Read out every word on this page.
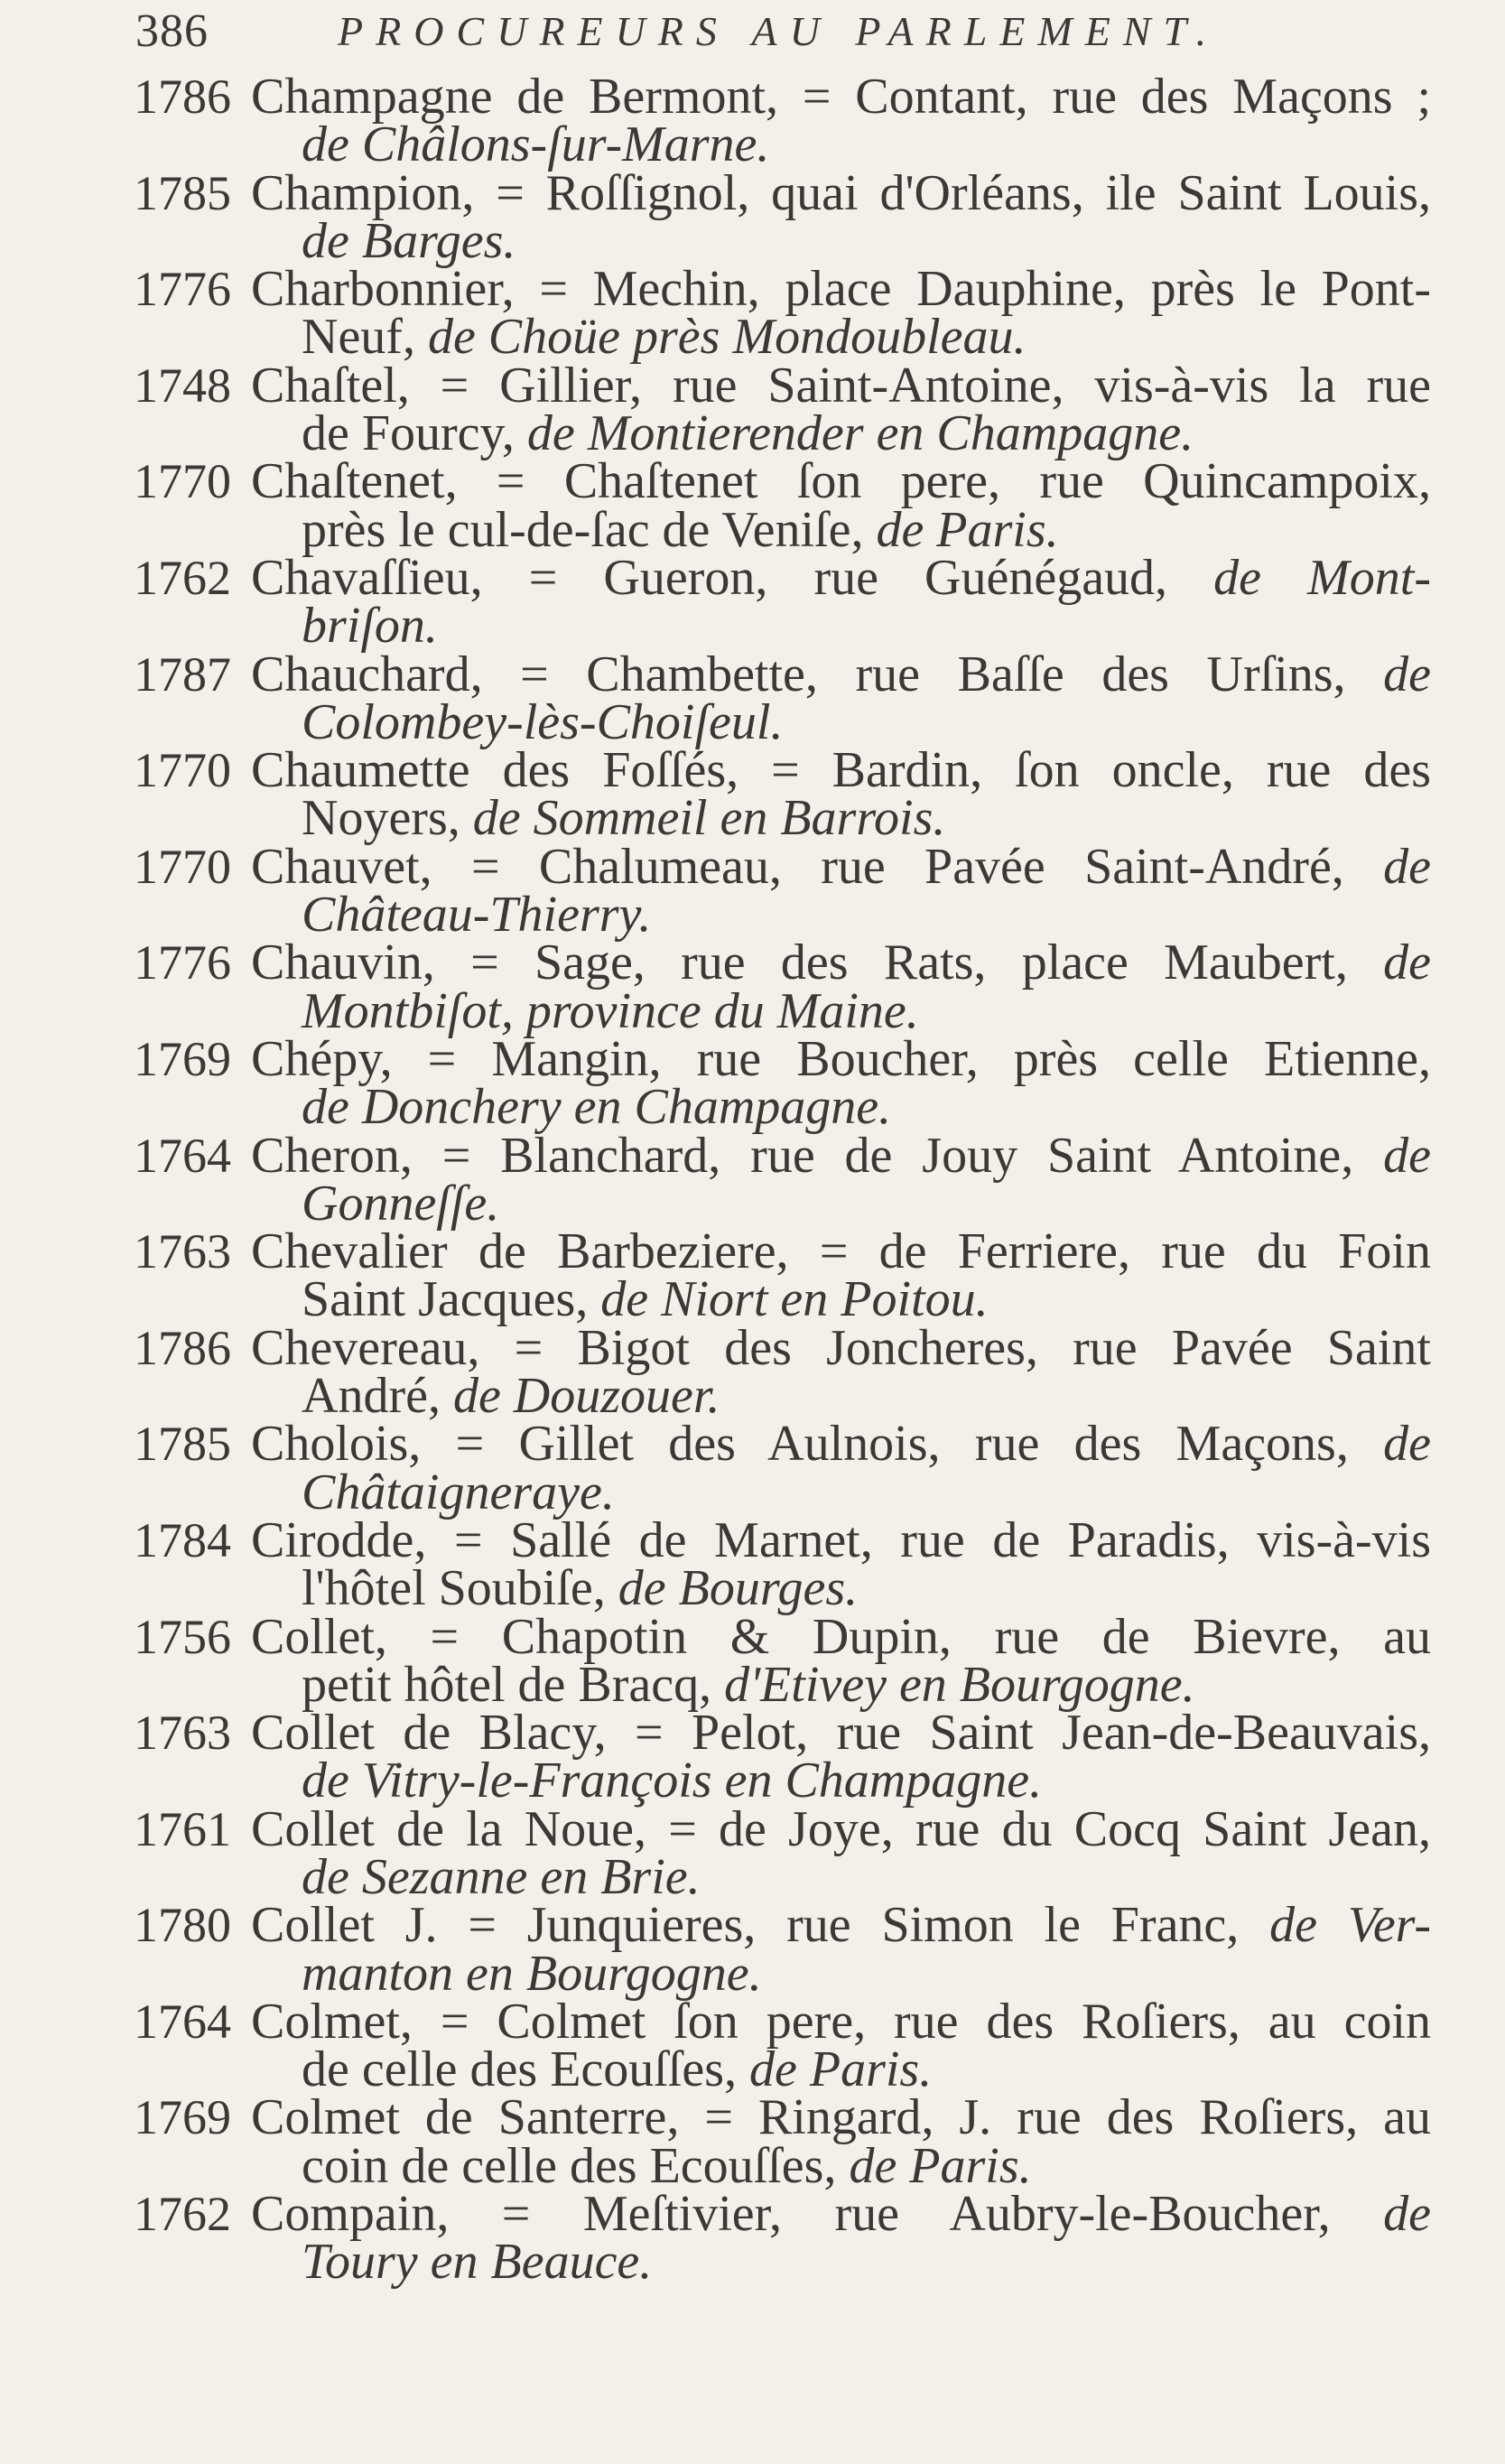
386	PROCUREURS AU PARLEMENT.
1786 Champagne de Bermont, = Contant, rue des Maçons ;
de Châlons-ſur-Marne.
1785 Champion, = Roſſignol, quai d'Orléans, ile Saint Louis,
de Barges.
1776 Charbonnier, = Mechin, place Dauphine, près le Pont-
Neuf, de Choüe près Mondoubleau.
1748 Chaſtel, = Gillier, rue Saint-Antoine, vis-à-vis la rue
de Fourcy, de Montierender en Champagne.
1770 Chaſtenet, = Chaſtenet ſon pere, rue Quincampoix,
près le cul-de-ſac de Veniſe, de Paris.
1762 Chavaſſieu, = Gueron, rue Guénégaud, de Mont-
briſon.
1787 Chauchard, = Chambette, rue Baſſe des Urſins, de
Colombey-lès-Choiſeul.
1770 Chaumette des Foſſés, = Bardin, ſon oncle, rue des
Noyers, de Sommeil en Barrois.
1770 Chauvet, = Chalumeau, rue Pavée Saint-André, de
Château-Thierry.
1776 Chauvin, = Sage, rue des Rats, place Maubert, de
Montbiſot, province du Maine.
1769 Chépy, = Mangin, rue Boucher, près celle Etienne,
de Donchery en Champagne.
1764 Cheron, = Blanchard, rue de Jouy Saint Antoine, de
Gonneſſe.
1763 Chevalier de Barbeziere, = de Ferriere, rue du Foin
Saint Jacques, de Niort en Poitou.
1786 Chevereau, = Bigot des Joncheres, rue Pavée Saint
André, de Douzouer.
1785 Cholois, = Gillet des Aulnois, rue des Maçons, de
Châtaigneraye.
1784 Cirodde, = Sallé de Marnet, rue de Paradis, vis-à-vis
l'hôtel Soubiſe, de Bourges.
1756 Collet, = Chapotin & Dupin, rue de Bievre, au
petit hôtel de Bracq, d'Etivey en Bourgogne.
1763 Collet de Blacy, = Pelot, rue Saint Jean-de-Beauvais,
de Vitry-le-François en Champagne.
1761 Collet de la Noue, = de Joye, rue du Cocq Saint Jean,
de Sezanne en Brie.
1780 Collet J. = Junquieres, rue Simon le Franc, de Ver-
manton en Bourgogne.
1764 Colmet, = Colmet ſon pere, rue des Roſiers, au coin
de celle des Ecouſſes, de Paris.
1769 Colmet de Santerre, = Ringard, J. rue des Roſiers, au
coin de celle des Ecouſſes, de Paris.
1762 Compain, = Meſtivier, rue Aubry-le-Boucher, de
Toury en Beauce.
